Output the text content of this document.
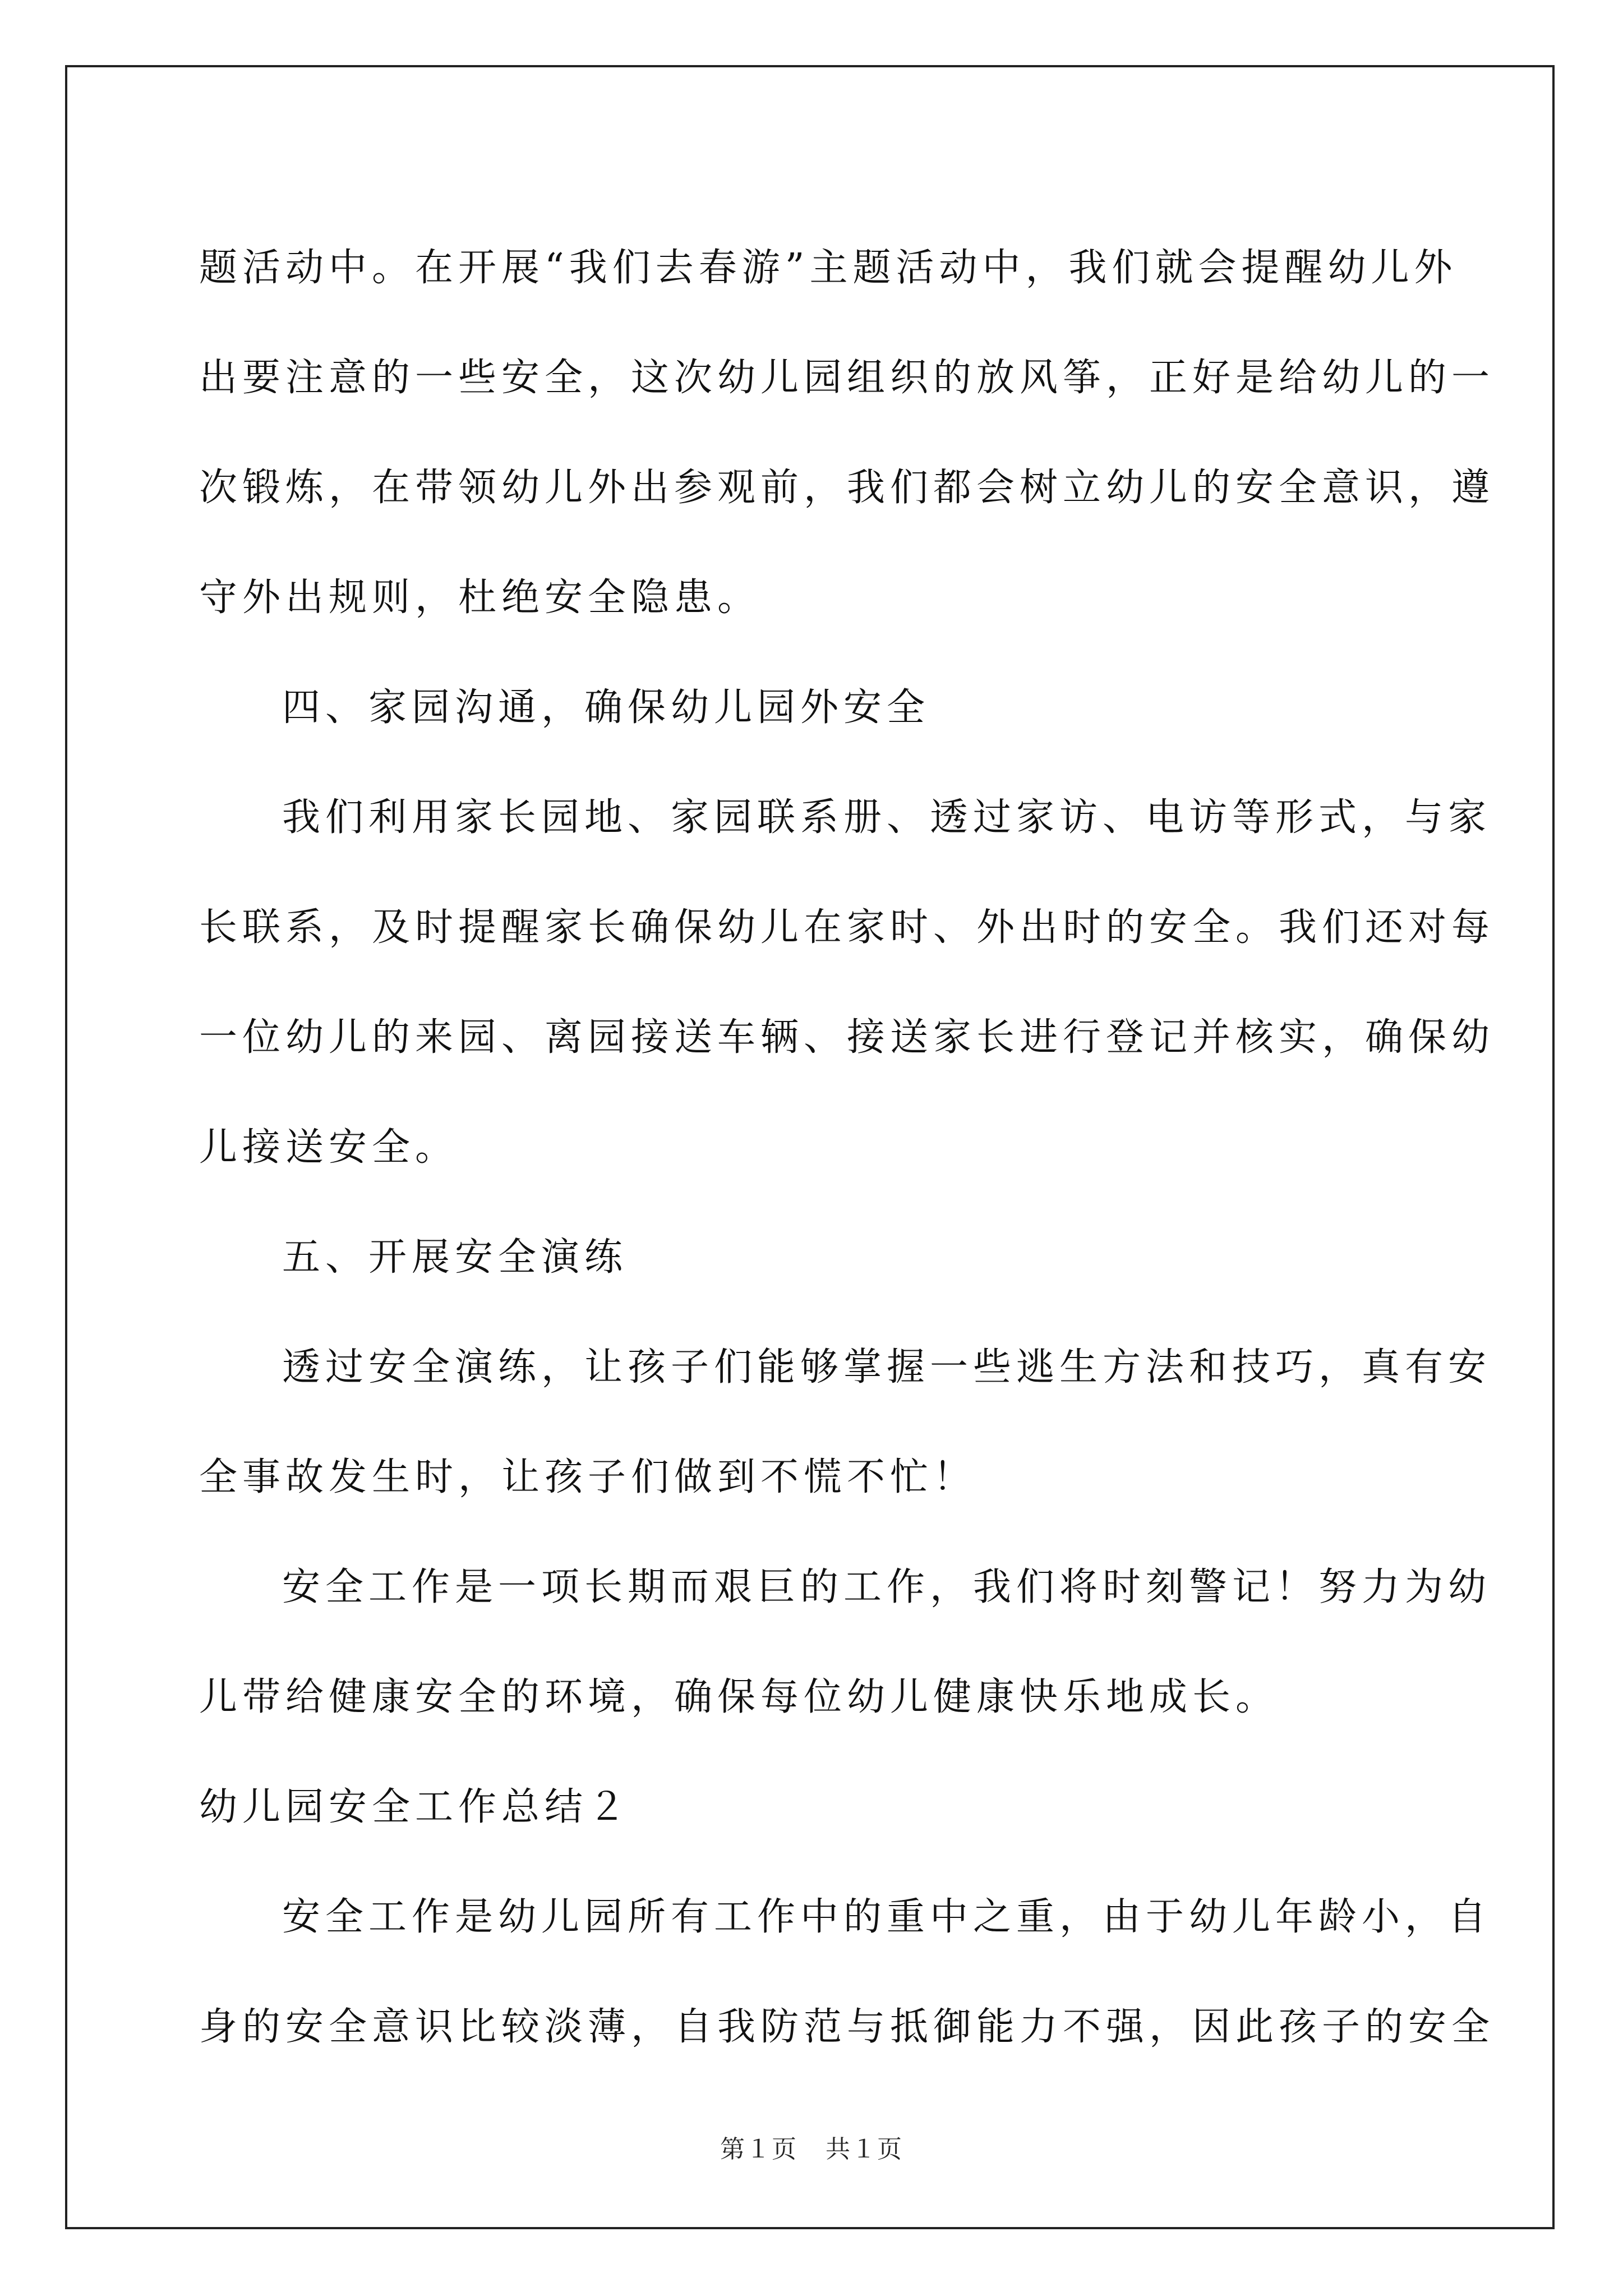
题活动中。在开展“我们去春游”主题活动中，我们就会提醒幼儿外
出要注意的一些安全，这次幼儿园组织的放风筝，正好是给幼儿的一
次锻炼，在带领幼儿外出参观前，我们都会树立幼儿的安全意识，遵
守外出规则，杜绝安全隐患。
四、家园沟通，确保幼儿园外安全
我们利用家长园地、家园联系册、透过家访、电访等形式，与家
长联系，及时提醒家长确保幼儿在家时、外出时的安全。我们还对每
一位幼儿的来园、离园接送车辆、接送家长进行登记并核实，确保幼
儿接送安全。
五、开展安全演练
透过安全演练，让孩子们能够掌握一些逃生方法和技巧，真有安
全事故发生时，让孩子们做到不慌不忙！
安全工作是一项长期而艰巨的工作，我们将时刻警记！努力为幼
儿带给健康安全的环境，确保每位幼儿健康快乐地成长。
幼儿园安全工作总结２
安全工作是幼儿园所有工作中的重中之重，由于幼儿年龄小，自
身的安全意识比较淡薄，自我防范与抵御能力不强，因此孩子的安全
第１页 共１页
